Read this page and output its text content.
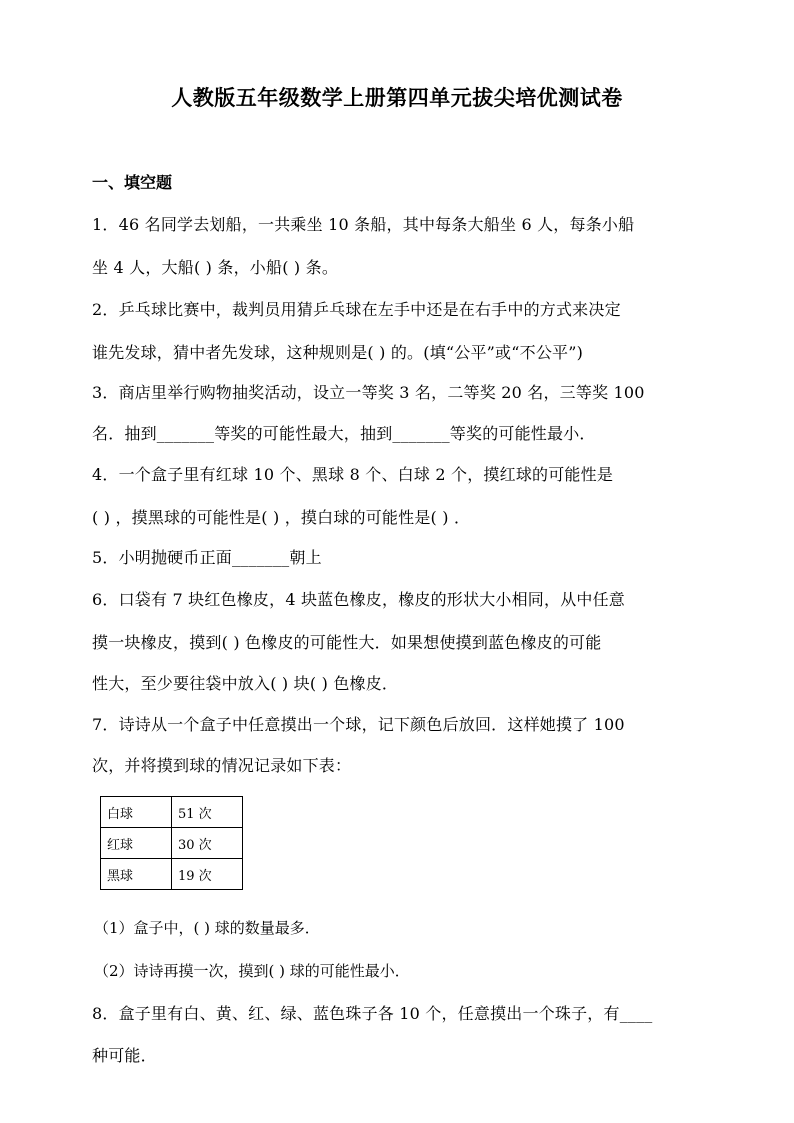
人教版五年级数学上册第四单元拔尖培优测试卷
一、填空题
1．46 名同学去划船，一共乘坐 10 条船，其中每条大船坐 6 人，每条小船
坐 4 人，大船( ) 条，小船( ) 条。
2．乒乓球比赛中，裁判员用猜乒乓球在左手中还是在右手中的方式来决定
谁先发球，猜中者先发球，这种规则是( ) 的。(填“公平”或“不公平”)
3．商店里举行购物抽奖活动，设立一等奖 3 名，二等奖 20 名，三等奖 100
名．抽到_______等奖的可能性最大，抽到_______等奖的可能性最小．
4．一个盒子里有红球 10 个、黑球 8 个、白球 2 个，摸红球的可能性是
( ) ，摸黑球的可能性是( ) ，摸白球的可能性是( ) ．
5．小明抛硬币正面_______朝上
6．口袋有 7 块红色橡皮，4 块蓝色橡皮，橡皮的形状大小相同，从中任意
摸一块橡皮，摸到( ) 色橡皮的可能性大．如果想使摸到蓝色橡皮的可能
性大，至少要往袋中放入( ) 块( ) 色橡皮．
7．诗诗从一个盒子中任意摸出一个球，记下颜色后放回．这样她摸了 100
次，并将摸到球的情况记录如下表：
白球	51 次
红球	30 次
黑球	19 次
（1）盒子中，( ) 球的数量最多．
（2）诗诗再摸一次，摸到( ) 球的可能性最小．
8．盒子里有白、黄、红、绿、蓝色珠子各 10 个，任意摸出一个珠子，有____
种可能．
